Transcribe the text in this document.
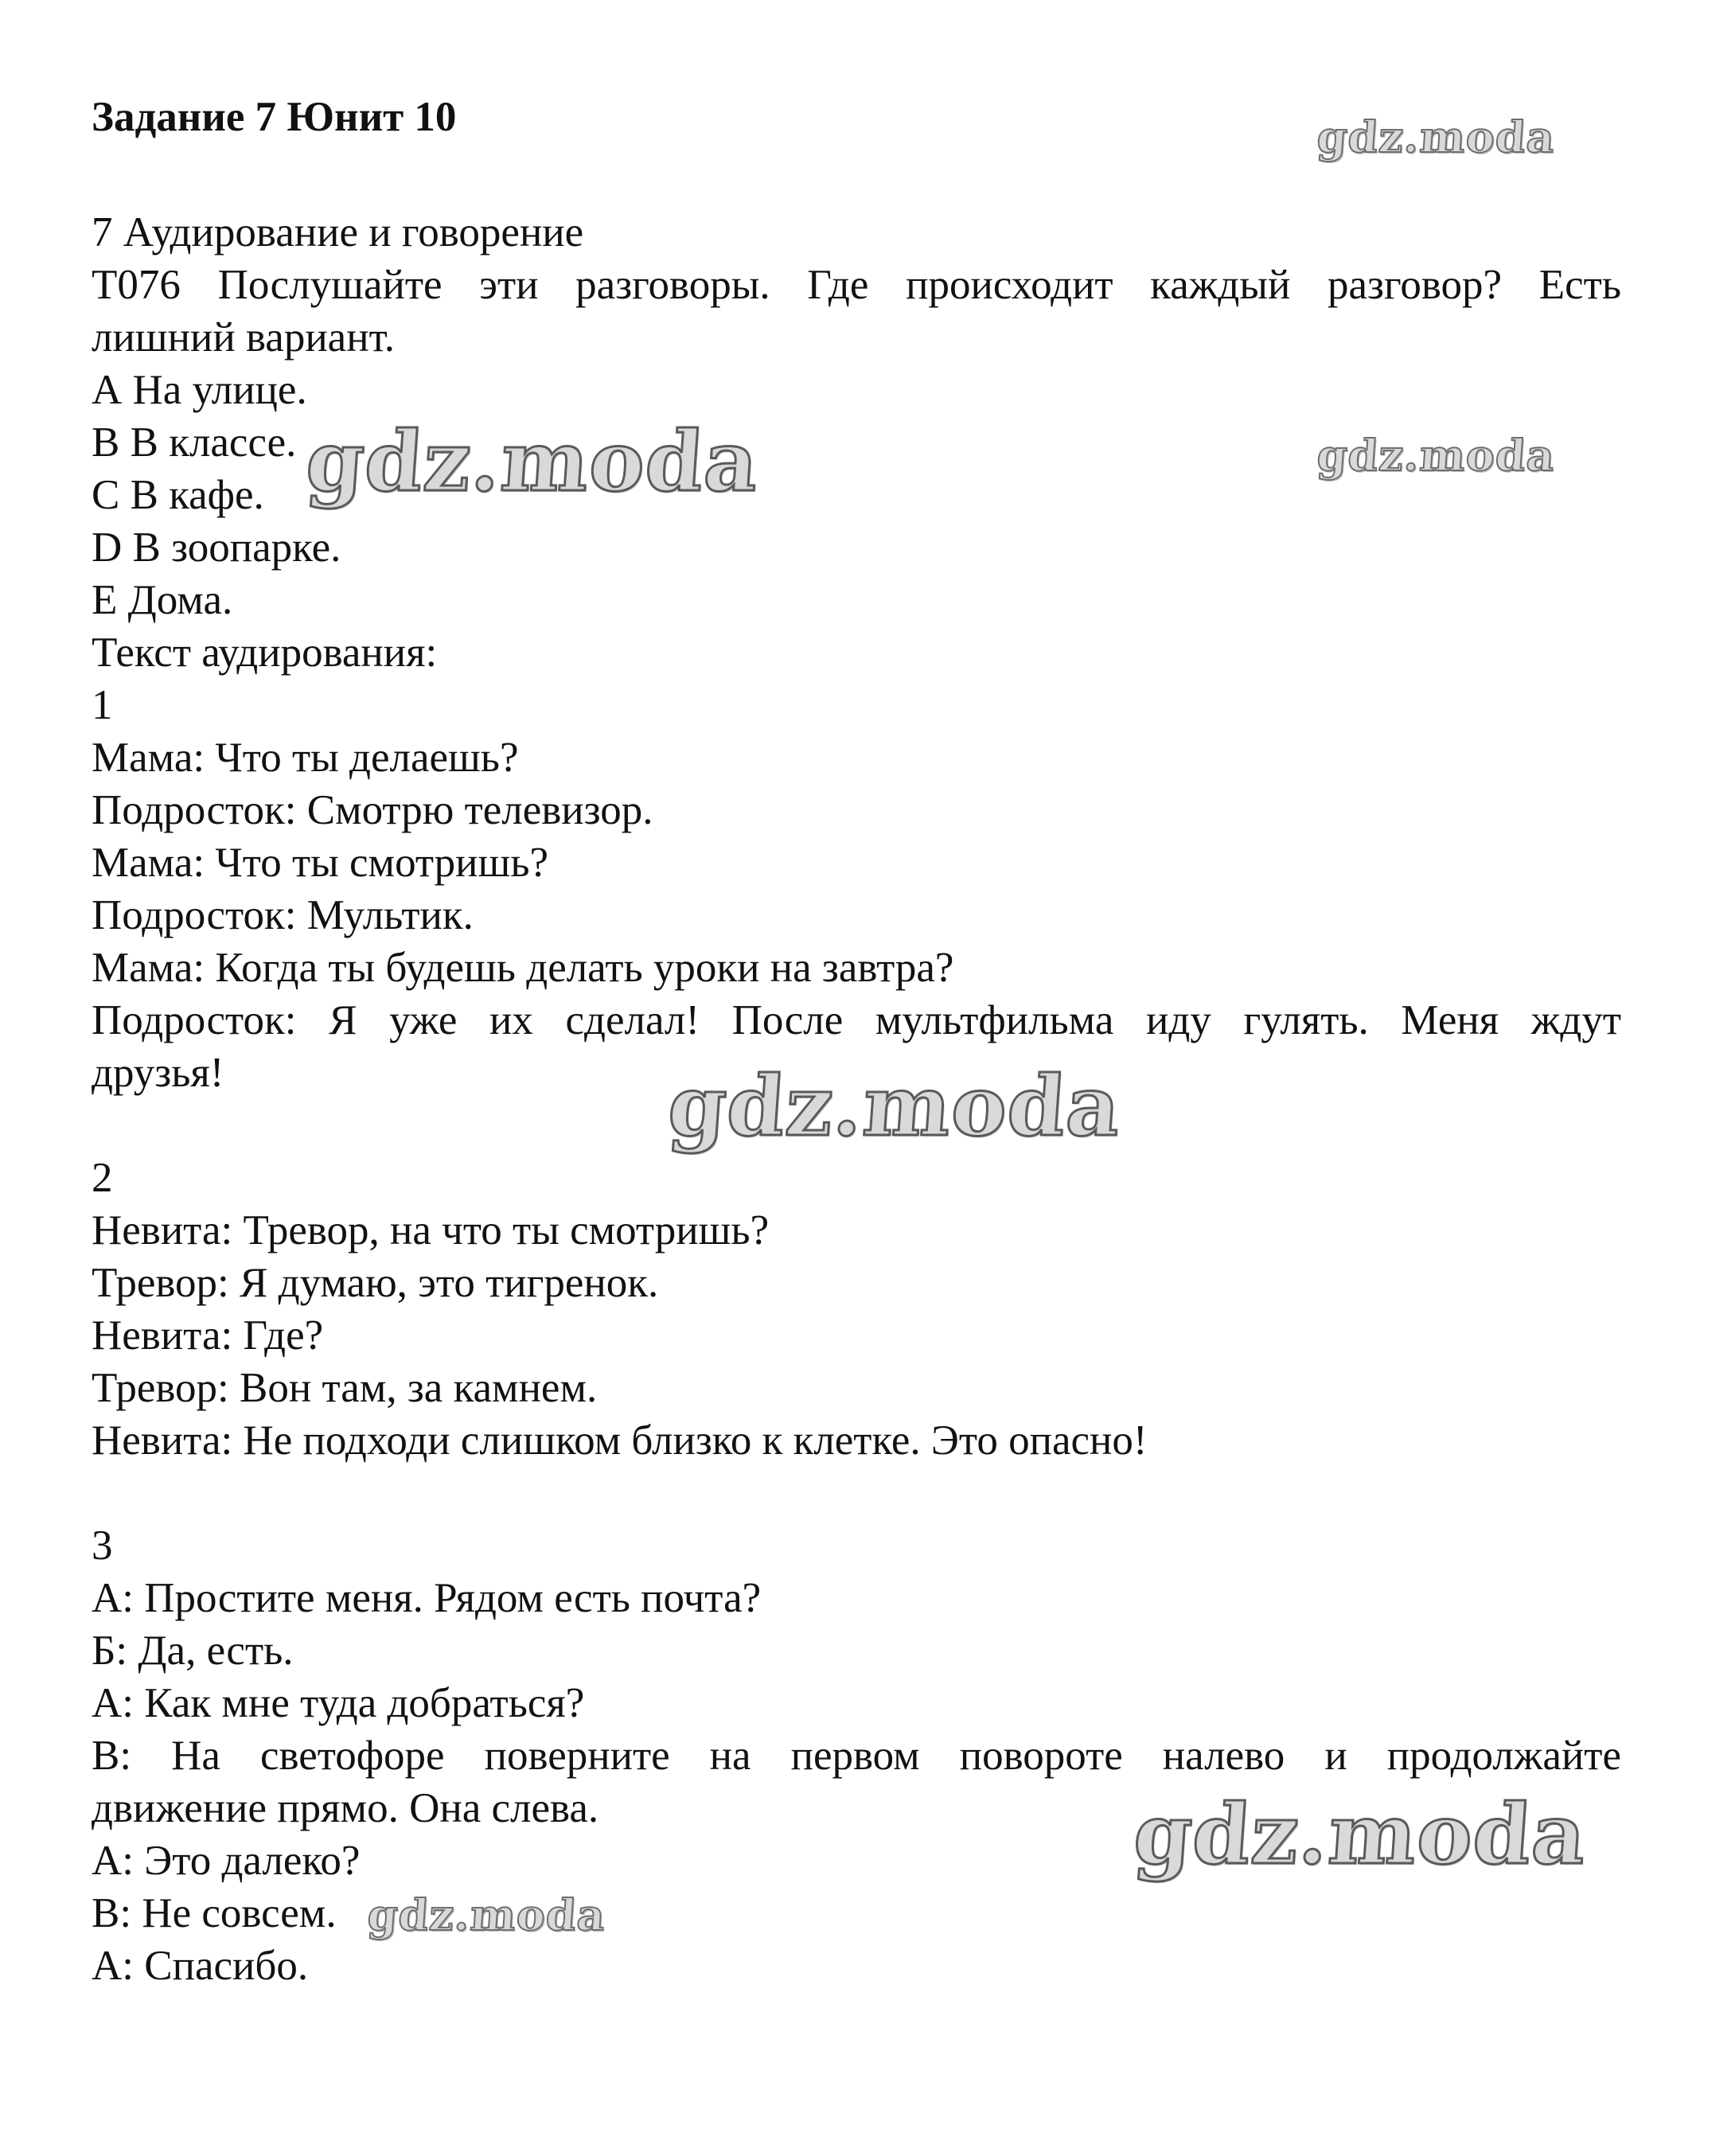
Задание 7 Юнит 10

7 Аудирование и говорение

Т076 Послушайте эти разговоры. Где происходит каждый разговор? Есть

лишний вариант.

А На улице.

В В классе.

С В кафе.

D В зоопарке.

Е Дома.

Текст аудирования:

1

Мама: Что ты делаешь?

Подросток: Смотрю телевизор.

Мама: Что ты смотришь?

Подросток: Мультик.

Мама: Когда ты будешь делать уроки на завтра?

Подросток: Я уже их сделал! После мультфильма иду гулять. Меня ждут

друзья!

2

Невита: Тревор, на что ты смотришь?

Тревор: Я думаю, это тигренок.

Невита: Где?

Тревор: Вон там, за камнем.

Невита: Не подходи слишком близко к клетке. Это опасно!

3

А: Простите меня. Рядом есть почта?

Б: Да, есть.

А: Как мне туда добраться?

В: На светофоре поверните на первом повороте налево и продолжайте

движение прямо. Она слева.

А: Это далеко?

В: Не совсем.

А: Спасибо.

gdz.moda
gdz.moda
gdz.moda
gdz.moda
gdz.moda
gdz.moda
